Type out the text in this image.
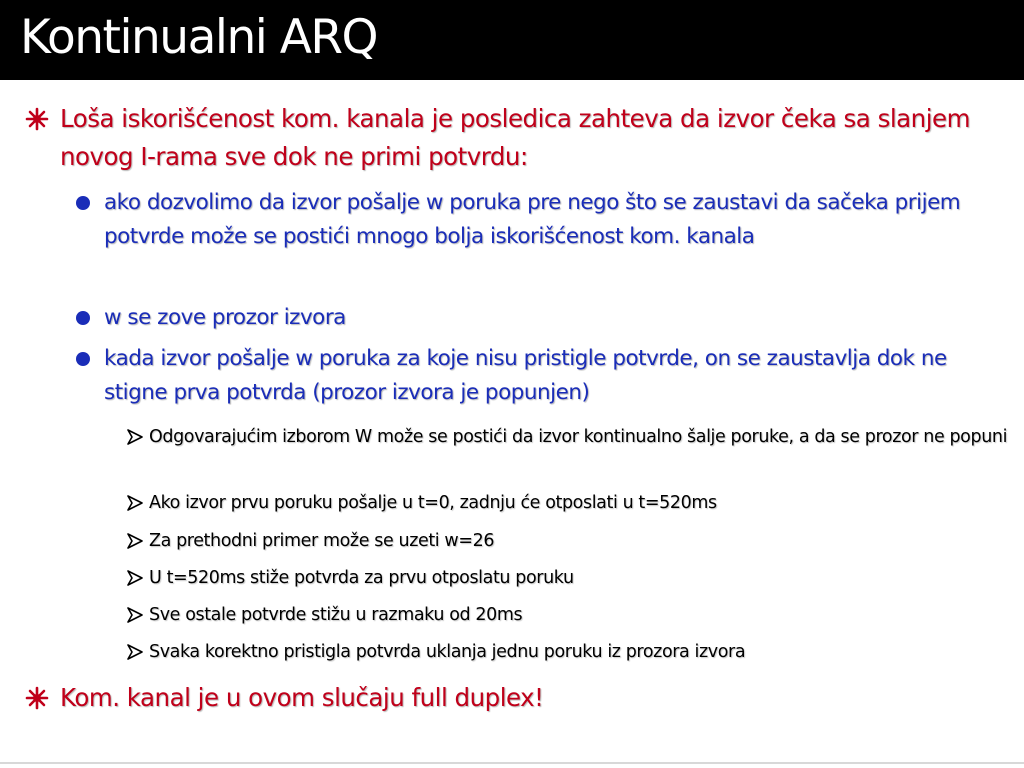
Kontinualni ARQ

Loša iskorišćenost kom. kanala je posledica zahteva da izvor čeka sa slanjem novog I-rama sve dok ne primi potvrdu:

ako dozvolimo da izvor pošalje w poruka pre nego što se zaustavi da sačeka prijem potvrde može se postići mnogo bolja iskorišćenost kom. kanala

w se zove prozor izvora

kada izvor pošalje w poruka za koje nisu pristigle potvrde, on se zaustavlja dok ne stigne prva potvrda (prozor izvora je popunjen)

Odgovarajućim izborom W može se postići da izvor kontinualno šalje poruke, a da se prozor ne popuni

Ako izvor prvu poruku pošalje u t=0, zadnju će otposlati u t=520ms

Za prethodni primer može se uzeti w=26

U t=520ms stiže potvrda za prvu otposlatu poruku

Sve ostale potvrde stižu u razmaku od 20ms

Svaka korektno pristigla potvrda uklanja jednu poruku iz prozora izvora

Kom. kanal je u ovom slučaju full duplex!
